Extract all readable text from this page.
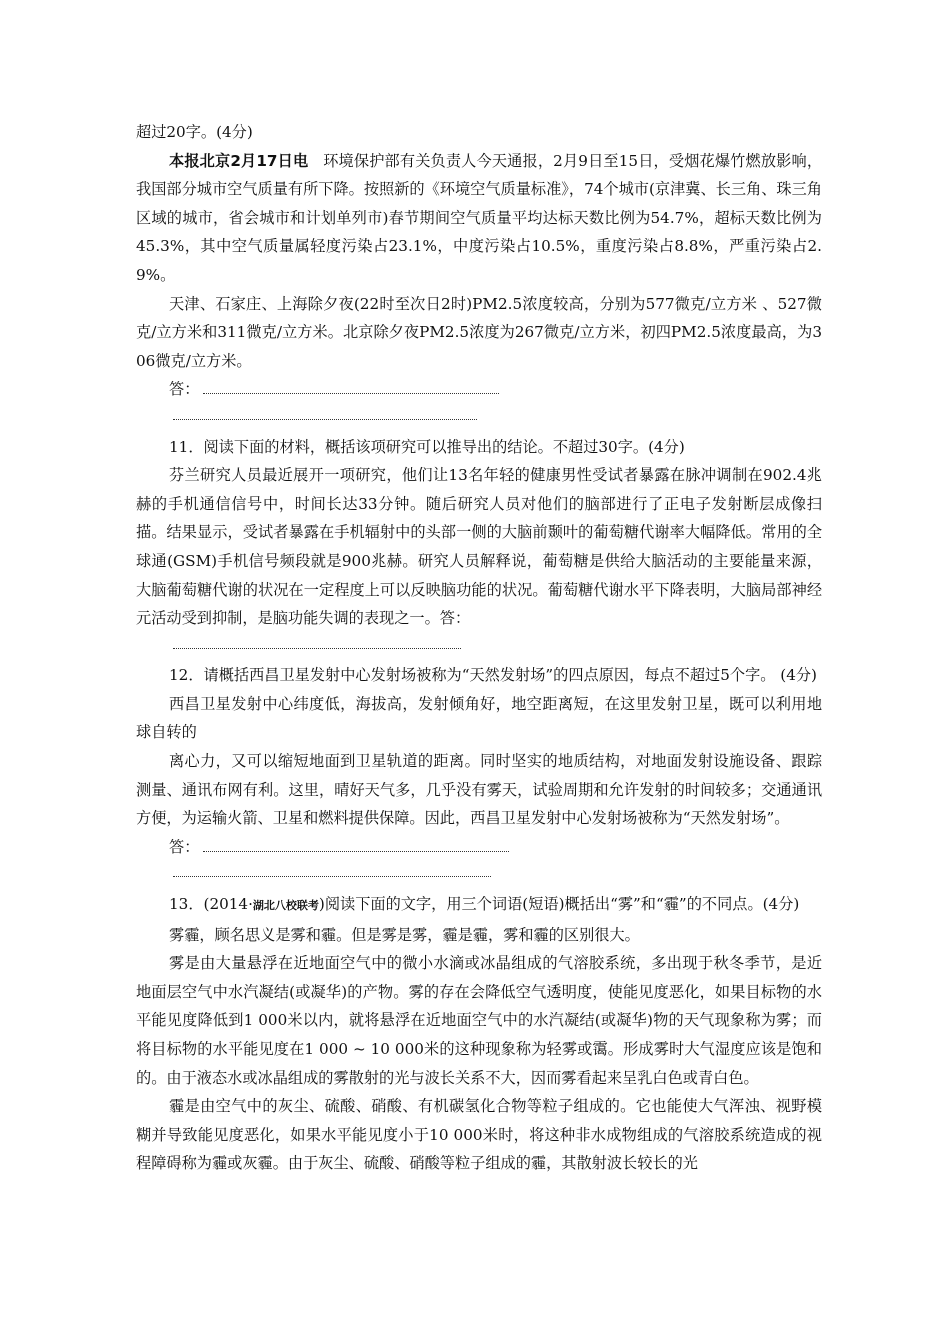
超过20字。(4分)

本报北京2月17日电 环境保护部有关负责人今天通报，2月9日至15日，受烟花爆竹燃放影响，我国部分城市空气质量有所下降。按照新的《环境空气质量标准》，74个城市(京津冀、长三角、珠三角区域的城市，省会城市和计划单列市)春节期间空气质量平均达标天数比例为54.7%，超标天数比例为45.3%，其中空气质量属轻度污染占23.1%，中度污染占10.5%，重度污染占8.8%，严重污染占2.9%。

天津、石家庄、上海除夕夜(22时至次日2时)PM2.5浓度较高，分别为577微克/立方米 、527微克/立方米和311微克/立方米。北京除夕夜PM2.5浓度为267微克/立方米，初四PM2.5浓度最高，为306微克/立方米。

答：

11．阅读下面的材料，概括该项研究可以推导出的结论。不超过30字。(4分)

芬兰研究人员最近展开一项研究，他们让13名年轻的健康男性受试者暴露在脉冲调制在902.4兆赫的手机通信信号中，时间长达33分钟。随后研究人员对他们的脑部进行了正电子发射断层成像扫描。结果显示，受试者暴露在手机辐射中的头部一侧的大脑前颞叶的葡萄糖代谢率大幅降低。常用的全球通(GSM)手机信号频段就是900兆赫。研究人员解释说，葡萄糖是供给大脑活动的主要能量来源，大脑葡萄糖代谢的状况在一定程度上可以反映脑功能的状况。葡萄糖代谢水平下降表明，大脑局部神经元活动受到抑制，是脑功能失调的表现之一。答：

12．请概括西昌卫星发射中心发射场被称为“天然发射场”的四点原因，每点不超过5个字。 (4分)

西昌卫星发射中心纬度低，海拔高，发射倾角好，地空距离短，在这里发射卫星，既可以利用地球自转的

离心力，又可以缩短地面到卫星轨道的距离。同时坚实的地质结构，对地面发射设施设备、跟踪测量、通讯布网有利。这里，晴好天气多，几乎没有雾天，试验周期和允许发射的时间较多；交通通讯方便，为运输火箭、卫星和燃料提供保障。因此，西昌卫星发射中心发射场被称为“天然发射场”。

答：

13．(2014·湖北八校联考)阅读下面的文字，用三个词语(短语)概括出“雾”和“霾”的不同点。(4分)

雾霾，顾名思义是雾和霾。但是雾是雾，霾是霾，雾和霾的区别很大。

雾是由大量悬浮在近地面空气中的微小水滴或冰晶组成的气溶胶系统，多出现于秋冬季节，是近地面层空气中水汽凝结(或凝华)的产物。雾的存在会降低空气透明度，使能见度恶化，如果目标物的水平能见度降低到1 000米以内，就将悬浮在近地面空气中的水汽凝结(或凝华)物的天气现象称为雾；而将目标物的水平能见度在1 000 ~ 10 000米的这种现象称为轻雾或霭。形成雾时大气湿度应该是饱和的。由于液态水或冰晶组成的雾散射的光与波长关系不大，因而雾看起来呈乳白色或青白色。

霾是由空气中的灰尘、硫酸、硝酸、有机碳氢化合物等粒子组成的。它也能使大气浑浊、视野模糊并导致能见度恶化，如果水平能见度小于10 000米时，将这种非水成物组成的气溶胶系统造成的视程障碍称为霾或灰霾。由于灰尘、硫酸、硝酸等粒子组成的霾，其散射波长较长的光
